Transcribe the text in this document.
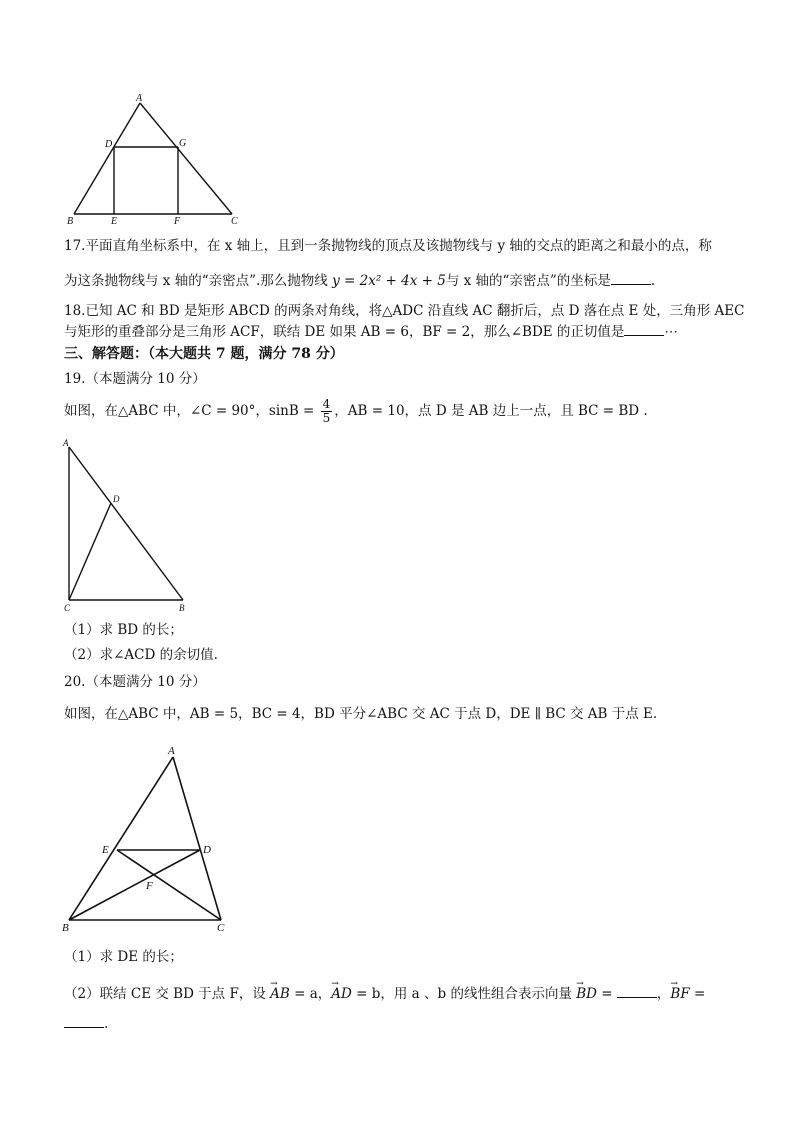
A
D	G
B	E	F	C
17.平面直角坐标系中，在 x 轴上，且到一条抛物线的顶点及该抛物线与 y 轴的交点的距离之和最小的点，称
为这条抛物线与 x 轴的“亲密点”.那么抛物线 y = 2x² + 4x + 5与 x 轴的“亲密点”的坐标是	.
18.已知 AC 和 BD 是矩形 ABCD 的两条对角线，将△ADC 沿直线 AC 翻折后，点 D 落在点 E 处，三角形 AEC
与矩形的重叠部分是三角形 ACF，联结 DE 如果 AB = 6，BF = 2，那么∠BDE 的正切值是	⋯
三、解答题：（本大题共 7 题，满分 78 分）
19.（本题满分 10 分）
如图，在△ABC 中，∠C = 90°，$\sin B = \frac{4}{5}$ ，AB = 10，点 D 是 AB 边上一点，且 BC = BD .
A
D
C	B
（1）求 BD 的长；
（2）求∠ACD 的余切值.
20.（本题满分 10 分）
如图，在△ABC 中，AB = 5，BC = 4，BD 平分∠ABC 交 AC 于点 D，DE ∥ BC 交 AB 于点 E.
A
E	D
F
B	C
（1）求 DE 的长；
（2）联结 CE 交 BD 于点 F，设 → AB = a，→ AD = b，用 a 、b 的线性组合表示向量 → BD =	，→ BF =
.
